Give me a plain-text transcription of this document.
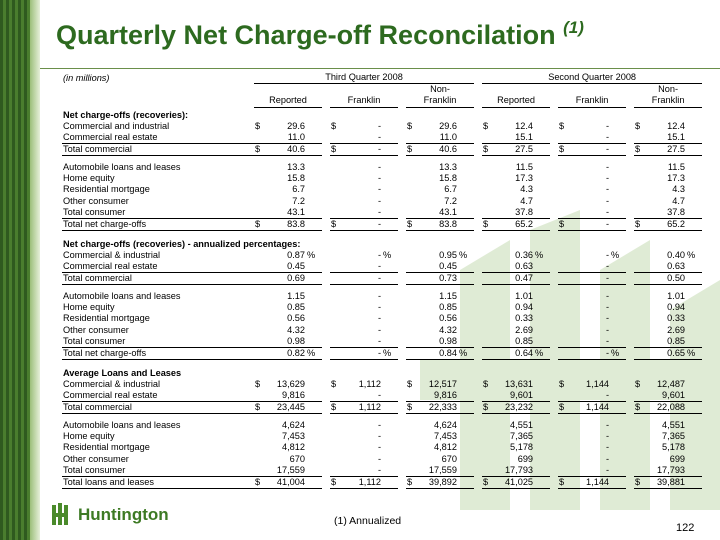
Quarterly Net Charge-off Reconcilation $^{(1)}$
(in millions)	Third Quarter 2008												Second Quarter 2008										
									Non-												Non-		
	Reported				Franklin				Franklin				Reported				Franklin				Franklin		
Net charge-offs (recoveries):																							
Commercial and industrial	$	29.6			$	-			$	29.6			$	12.4			$	-			$	12.4	
Commercial real estate		11.0				-				11.0				15.1				-				15.1	
Total commercial	$	40.6			$	-			$	40.6			$	27.5			$	-			$	27.5	

Automobile loans and leases		13.3				-				13.3				11.5				-				11.5	
Home equity		15.8				-				15.8				17.3				-				17.3	
Residential mortgage		6.7				-				6.7				4.3				-				4.3	
Other consumer		7.2				-				7.2				4.7				-				4.7	
Total consumer		43.1				-				43.1				37.8				-				37.8	
Total net charge-offs	$	83.8			$	-			$	83.8			$	65.2			$	-			$	65.2	

Net charge-offs (recoveries) - annualized percentages:																							
Commercial & industrial		0.87	%			-	%			0.95	%			0.36	%			-	%			0.40	%
Commercial real estate		0.45				-				0.45				0.63				-				0.63	
Total commercial		0.69				-				0.73				0.47				-				0.50	

Automobile loans and leases		1.15				-				1.15				1.01				-				1.01	
Home equity		0.85				-				0.85				0.94				-				0.94	
Residential mortgage		0.56				-				0.56				0.33				-				0.33	
Other consumer		4.32				-				4.32				2.69				-				2.69	
Total consumer		0.98				-				0.98				0.85				-				0.85	
Total net charge-offs		0.82	%			-	%			0.84	%			0.64	%			-	%			0.65	%

Average Loans and Leases																							
Commercial & industrial	$	13,629			$	1,112			$	12,517			$	13,631			$	1,144			$	12,487	
Commercial real estate		9,816				-				9,816				9,601				-				9,601	
Total commercial	$	23,445			$	1,112			$	22,333			$	23,232			$	1,144			$	22,088	

Automobile loans and leases		4,624				-				4,624				4,551				-				4,551	
Home equity		7,453				-				7,453				7,365				-				7,365	
Residential mortgage		4,812				-				4,812				5,178				-				5,178	
Other consumer		670				-				670				699				-				699	
Total consumer		17,559				-				17,559				17,793				-				17,793	
Total loans and leases	$	41,004			$	1,112			$	39,892			$	41,025			$	1,144			$	39,881	
Huntington	(1) Annualized
122
